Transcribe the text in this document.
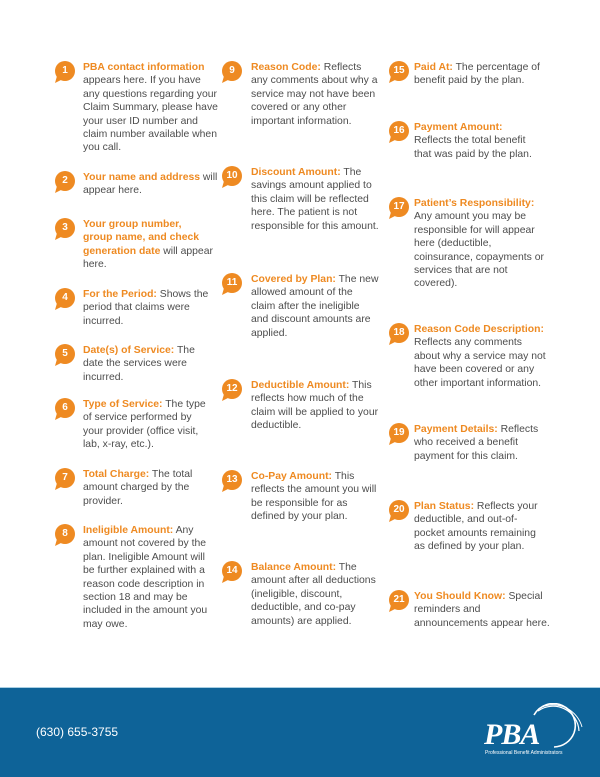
1	PBA contact information appears here. If you have any questions regarding your Claim Summary, please have your user ID number and claim number available when you call.
2	Your name and address will appear here.
3	Your group number, group name, and check generation date will appear here.
4	For the Period: Shows the period that claims were incurred.
5	Date(s) of Service: The date the services were incurred.
6	Type of Service: The type of service performed by your provider (office visit, lab, x-ray, etc.).
7	Total Charge: The total amount charged by the provider.
8	Ineligible Amount: Any amount not covered by the plan. Ineligible Amount will be further explained with a reason code description in section 18 and may be included in the amount you may owe.
9	Reason Code: Reflects any comments about why a service may not have been covered or any other important information.
10	Discount Amount: The savings amount applied to this claim will be reflected here. The patient is not responsible for this amount.
11	Covered by Plan: The new allowed amount of the claim after the ineligible and discount amounts are applied.
12	Deductible Amount: This reflects how much of the claim will be applied to your deductible.
13	Co-Pay Amount: This reflects the amount you will be responsible for as defined by your plan.
14	Balance Amount: The amount after all deductions (ineligible, discount, deductible, and co-pay amounts) are applied.
15 Paid At: The percentage of benefit paid by the plan.
16 Payment Amount: Reflects the total benefit that was paid by the plan.
17 Patient’s Responsibility: Any amount you may be responsible for will appear here (deductible, coinsurance, copayments or services that are not covered).
18 Reason Code Description: Reflects any comments about why a service may not have been covered or any other important information.
19 Payment Details: Reflects who received a benefit payment for this claim.
20 Plan Status: Reflects your deductible, and out-of-pocket amounts remaining as defined by your plan.
21 You Should Know: Special reminders and announcements appear here.
(630) 655-3755	PBA
Professional Benefit Administrators
